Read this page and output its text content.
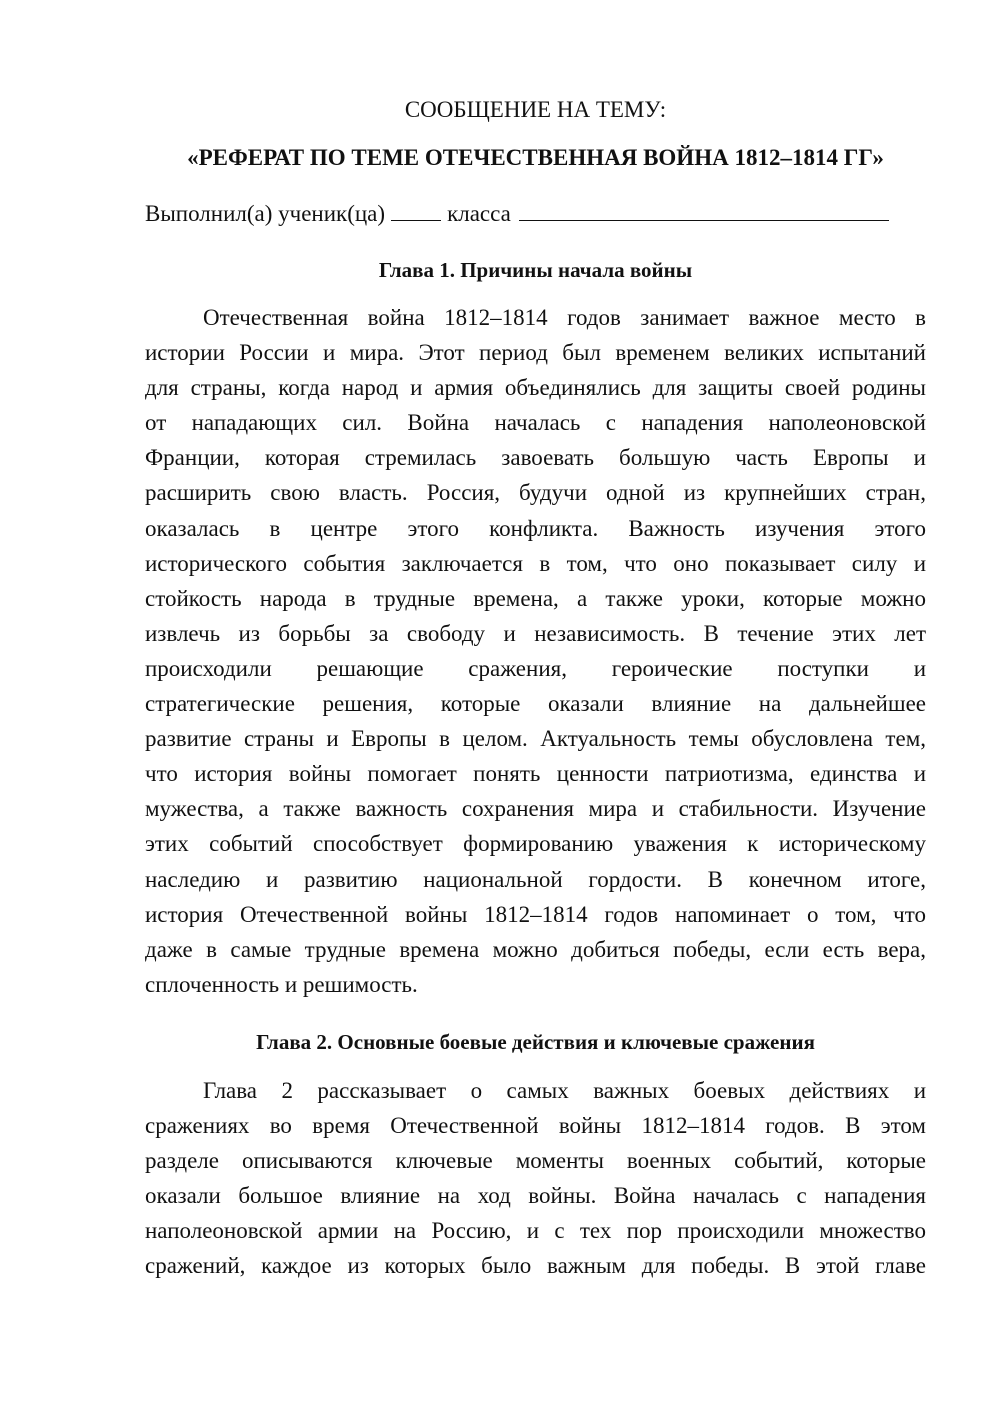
СООБЩЕНИЕ НА ТЕМУ:
«РЕФЕРАТ ПО ТЕМЕ ОТЕЧЕСТВЕННАЯ ВОЙНА 1812–1814 ГГ»
Выполнил(а) ученик(ца)	класса
Глава 1. Причины начала войны
Отечественная война 1812–1814 годов занимает важное место в
истории России и мира. Этот период был временем великих испытаний
для страны, когда народ и армия объединялись для защиты своей родины
от нападающих сил. Война началась с нападения наполеоновской
Франции, которая стремилась завоевать большую часть Европы и
расширить свою власть. Россия, будучи одной из крупнейших стран,
оказалась в центре этого конфликта. Важность изучения этого
исторического события заключается в том, что оно показывает силу и
стойкость народа в трудные времена, а также уроки, которые можно
извлечь из борьбы за свободу и независимость. В течение этих лет
происходили решающие сражения, героические поступки и
стратегические решения, которые оказали влияние на дальнейшее
развитие страны и Европы в целом. Актуальность темы обусловлена тем,
что история войны помогает понять ценности патриотизма, единства и
мужества, а также важность сохранения мира и стабильности. Изучение
этих событий способствует формированию уважения к историческому
наследию и развитию национальной гордости. В конечном итоге,
история Отечественной войны 1812–1814 годов напоминает о том, что
даже в самые трудные времена можно добиться победы, если есть вера,
сплоченность и решимость.
Глава 2. Основные боевые действия и ключевые сражения
Глава 2 рассказывает о самых важных боевых действиях и
сражениях во время Отечественной войны 1812–1814 годов. В этом
разделе описываются ключевые моменты военных событий, которые
оказали большое влияние на ход войны. Война началась с нападения
наполеоновской армии на Россию, и с тех пор происходили множество
сражений, каждое из которых было важным для победы. В этой главе
